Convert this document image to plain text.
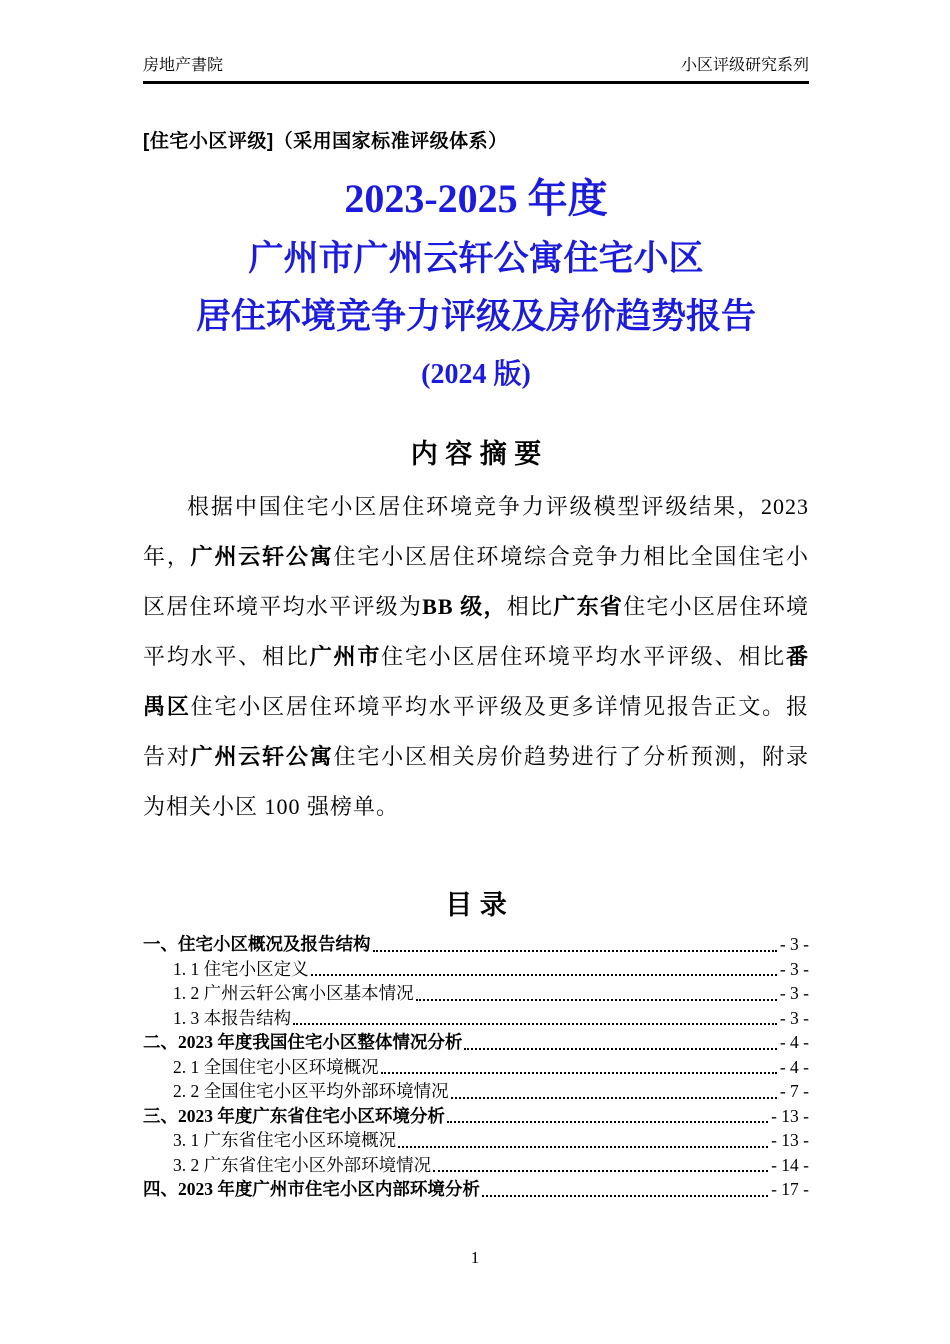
房地产書院	小区评级研究系列
[住宅小区评级]（采用国家标准评级体系）
2023-2025 年度
广州市广州云轩公寓住宅小区
居住环境竞争力评级及房价趋势报告
(2024 版)
内 容 摘 要
根据中国住宅小区居住环境竞争力评级模型评级结果，2023 年，广州云轩公寓住宅小区居住环境综合竞争力相比全国住宅小区居住环境平均水平评级为BB 级，相比广东省住宅小区居住环境平均水平、相比广州市住宅小区居住环境平均水平评级、相比番禺区住宅小区居住环境平均水平评级及更多详情见报告正文。报告对广州云轩公寓住宅小区相关房价趋势进行了分析预测，附录为相关小区 100 强榜单。
目 录
一、住宅小区概况及报告结构	- 3 -
1. 1 住宅小区定义	- 3 -
1. 2 广州云轩公寓小区基本情况	- 3 -
1. 3 本报告结构	- 3 -
二、2023 年度我国住宅小区整体情况分析	- 4 -
2. 1 全国住宅小区环境概况	- 4 -
2. 2 全国住宅小区平均外部环境情况	- 7 -
三、2023 年度广东省住宅小区环境分析	- 13 -
3. 1 广东省住宅小区环境概况	- 13 -
3. 2 广东省住宅小区外部环境情况	- 14 -
四、2023 年度广州市住宅小区内部环境分析	- 17 -
1
